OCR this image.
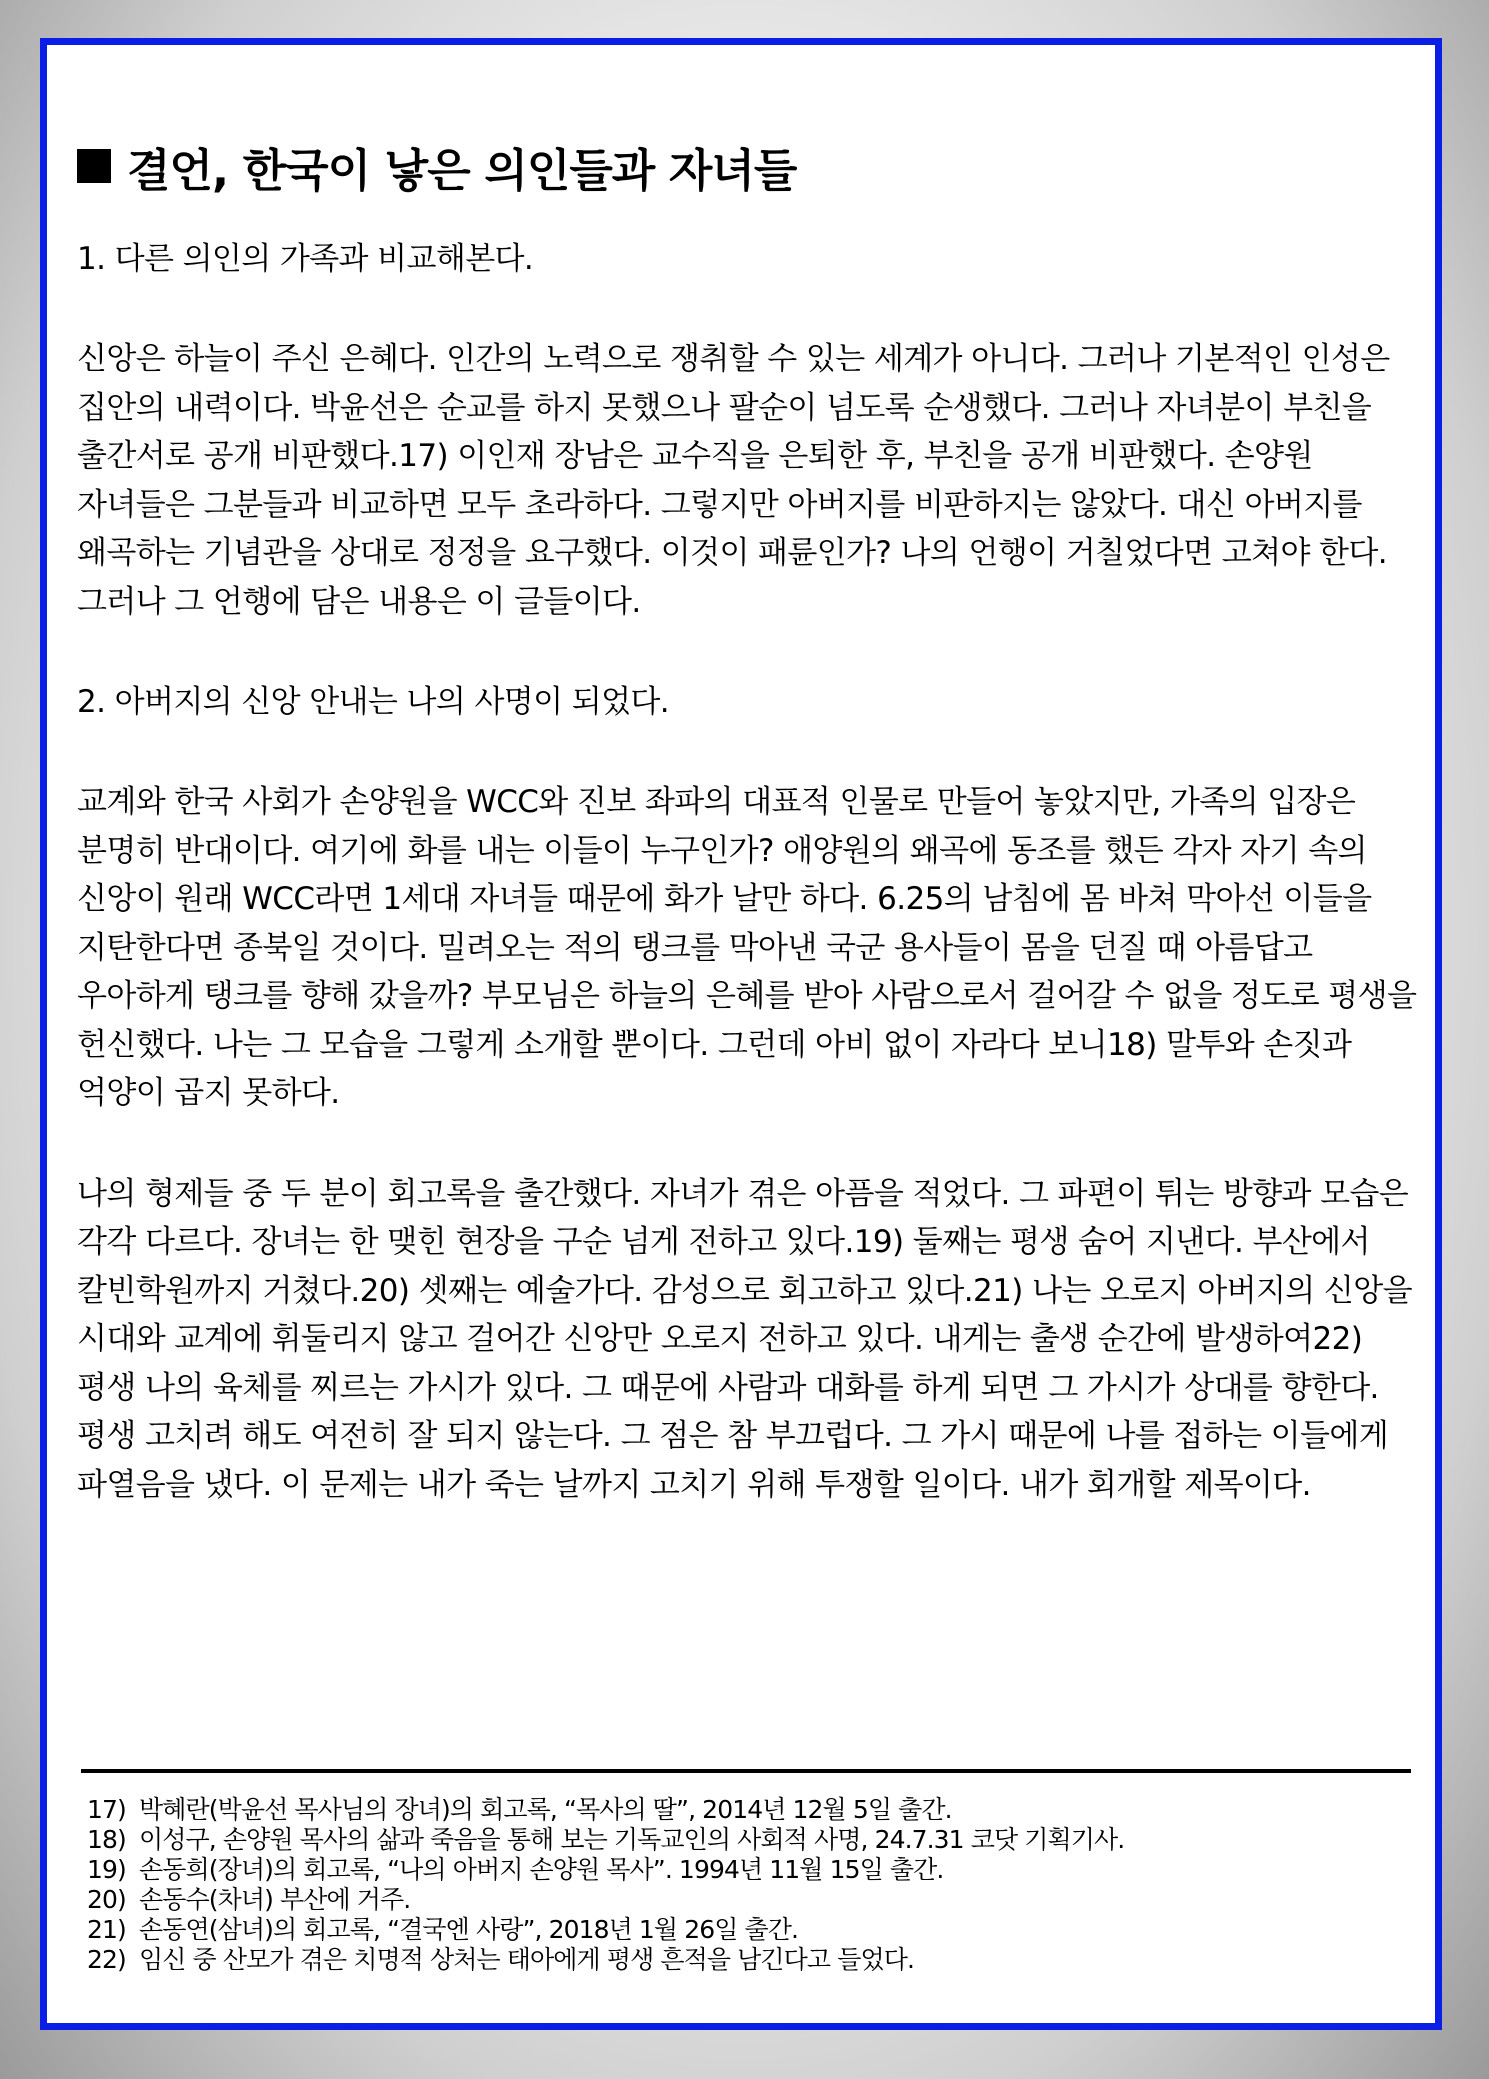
결언, 한국이 낳은 의인들과 자녀들
1. 다른 의인의 가족과 비교해본다.

신앙은 하늘이 주신 은혜다. 인간의 노력으로 쟁취할 수 있는 세계가 아니다. 그러나 기본적인 인성은 집안의 내력이다. 박윤선은 순교를 하지 못했으나 팔순이 넘도록 순생했다. 그러나 자녀분이 부친을 출간서로 공개 비판했다.17) 이인재 장남은 교수직을 은퇴한 후, 부친을 공개 비판했다. 손양원 자녀들은 그분들과 비교하면 모두 초라하다. 그렇지만 아버지를 비판하지는 않았다. 대신 아버지를 왜곡하는 기념관을 상대로 정정을 요구했다. 이것이 패륜인가? 나의 언행이 거칠었다면 고쳐야 한다. 그러나 그 언행에 담은 내용은 이 글들이다.

2. 아버지의 신앙 안내는 나의 사명이 되었다.

교계와 한국 사회가 손양원을 WCC와 진보 좌파의 대표적 인물로 만들어 놓았지만, 가족의 입장은 분명히 반대이다. 여기에 화를 내는 이들이 누구인가? 애양원의 왜곡에 동조를 했든 각자 자기 속의 신앙이 원래 WCC라면 1세대 자녀들 때문에 화가 날만 하다. 6.25의 남침에 몸 바쳐 막아선 이들을 지탄한다면 종북일 것이다. 밀려오는 적의 탱크를 막아낸 국군 용사들이 몸을 던질 때 아름답고 우아하게 탱크를 향해 갔을까? 부모님은 하늘의 은혜를 받아 사람으로서 걸어갈 수 없을 정도로 평생을 헌신했다. 나는 그 모습을 그렇게 소개할 뿐이다. 그런데 아비 없이 자라다 보니18) 말투와 손짓과 억양이 곱지 못하다.

나의 형제들 중 두 분이 회고록을 출간했다. 자녀가 겪은 아픔을 적었다. 그 파편이 튀는 방향과 모습은 각각 다르다. 장녀는 한 맺힌 현장을 구순 넘게 전하고 있다.19) 둘째는 평생 숨어 지낸다. 부산에서 칼빈학원까지 거쳤다.20) 셋째는 예술가다. 감성으로 회고하고 있다.21) 나는 오로지 아버지의 신앙을 시대와 교계에 휘둘리지 않고 걸어간 신앙만 오로지 전하고 있다. 내게는 출생 순간에 발생하여22) 평생 나의 육체를 찌르는 가시가 있다. 그 때문에 사람과 대화를 하게 되면 그 가시가 상대를 향한다. 평생 고치려 해도 여전히 잘 되지 않는다. 그 점은 참 부끄럽다. 그 가시 때문에 나를 접하는 이들에게 파열음을 냈다. 이 문제는 내가 죽는 날까지 고치기 위해 투쟁할 일이다. 내가 회개할 제목이다.

17) 박혜란(박윤선 목사님의 장녀)의 회고록, “목사의 딸”, 2014년 12월 5일 출간.
18) 이성구, 손양원 목사의 삶과 죽음을 통해 보는 기독교인의 사회적 사명, 24.7.31 코닷 기획기사.
19) 손동희(장녀)의 회고록, “나의 아버지 손양원 목사”. 1994년 11월 15일 출간.
20) 손동수(차녀) 부산에 거주.
21) 손동연(삼녀)의 회고록, “결국엔 사랑”, 2018년 1월 26일 출간.
22) 임신 중 산모가 겪은 치명적 상처는 태아에게 평생 흔적을 남긴다고 들었다.
